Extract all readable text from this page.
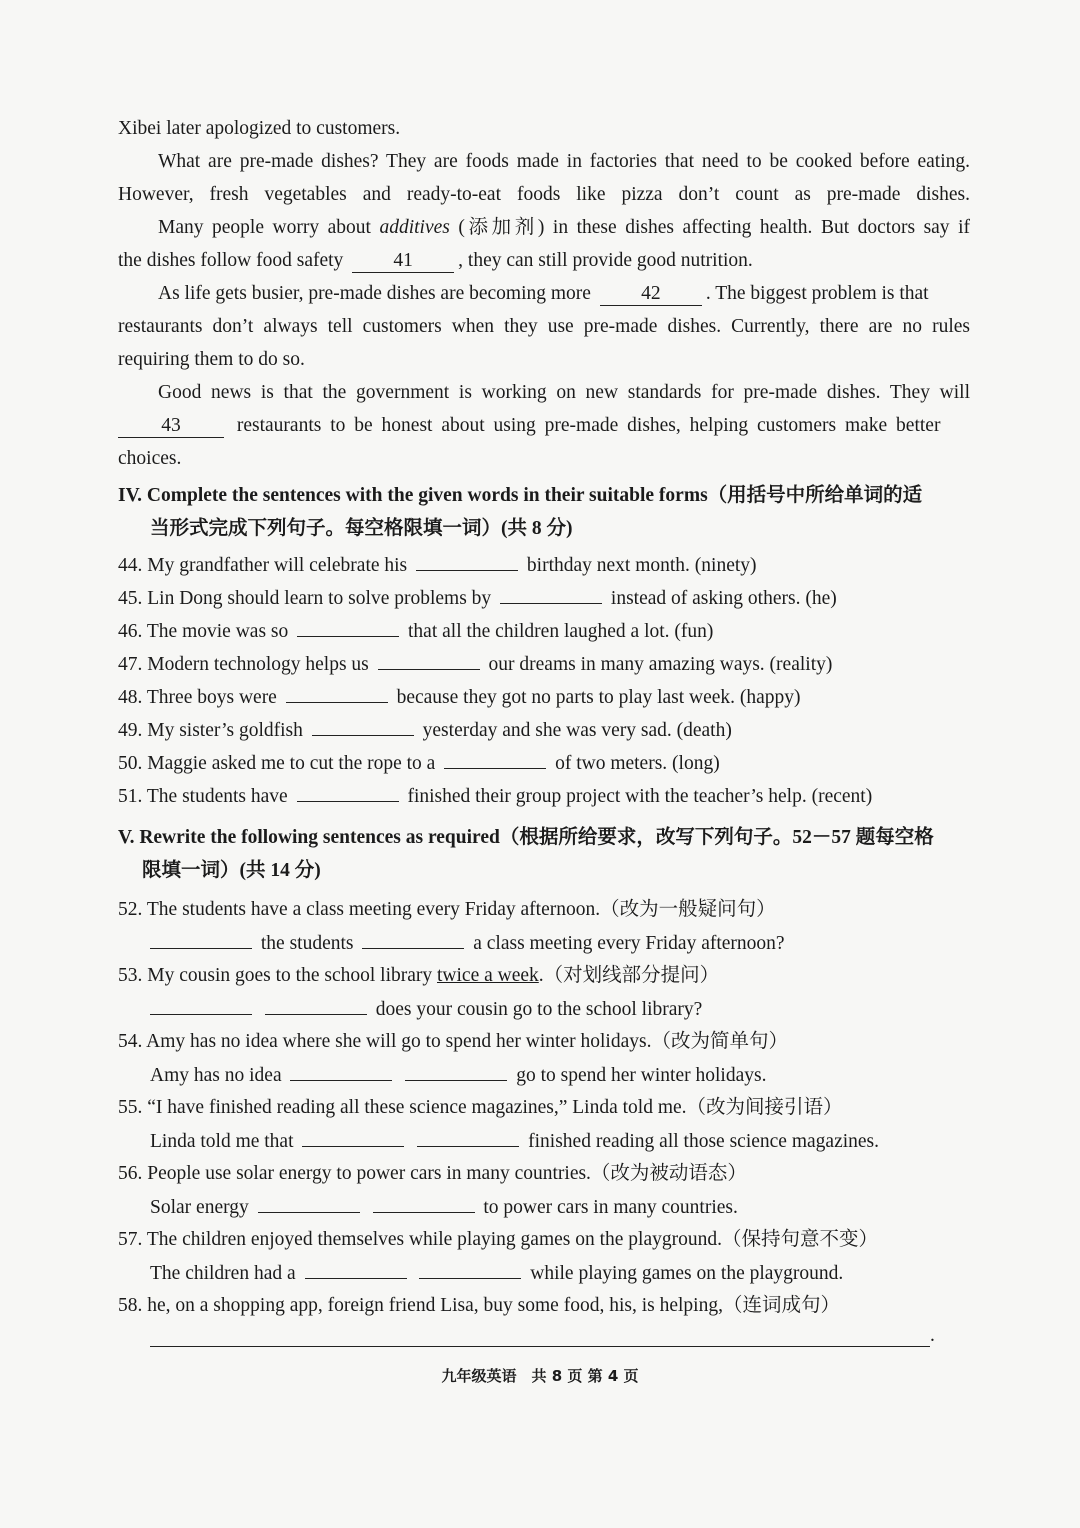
Xibei later apologized to customers.
What are pre-made dishes? They are foods made in factories that need to be cooked before eating.
However, fresh vegetables and ready-to-eat foods like pizza don’t count as pre-made dishes.
Many people worry about additives (添加剂) in these dishes affecting health. But doctors say if
the dishes follow food safety	41 , they can still provide good nutrition.
As life gets busier, pre-made dishes are becoming more	42 . The biggest problem is that
restaurants don’t always tell customers when they use pre-made dishes. Currently, there are no rules
requiring them to do so.
Good news is that the government is working on new standards for pre-made dishes. They will
43	restaurants to be honest about using pre-made dishes, helping customers make better
choices.
IV. Complete the sentences with the given words in their suitable forms（用括号中所给单词的适
当形式完成下列句子。每空格限填一词）(共 8 分)
44. My grandfather will celebrate his	birthday next month. (ninety)
45. Lin Dong should learn to solve problems by	instead of asking others. (he)
46. The movie was so	that all the children laughed a lot. (fun)
47. Modern technology helps us	our dreams in many amazing ways. (reality)
48. Three boys were	because they got no parts to play last week. (happy)
49. My sister’s goldfish	yesterday and she was very sad. (death)
50. Maggie asked me to cut the rope to a	of two meters. (long)
51. The students have	finished their group project with the teacher’s help. (recent)
V. Rewrite the following sentences as required（根据所给要求，改写下列句子。52－57 题每空格
限填一词）(共 14 分)
52. The students have a class meeting every Friday afternoon.（改为一般疑问句）
the students	a class meeting every Friday afternoon?
53. My cousin goes to the school library twice a week.（对划线部分提问）
does your cousin go to the school library?
54. Amy has no idea where she will go to spend her winter holidays.（改为简单句）
Amy has no idea	go to spend her winter holidays.
55. “I have finished reading all these science magazines,” Linda told me.（改为间接引语）
Linda told me that	finished reading all those science magazines.
56. People use solar energy to power cars in many countries.（改为被动语态）
Solar energy	to power cars in many countries.
57. The children enjoyed themselves while playing games on the playground.（保持句意不变）
The children had a	while playing games on the playground.
58. he, on a shopping app, foreign friend Lisa, buy some food, his, is helping,（连词成句）
.
九年级英语　共 8 页 第 4 页
